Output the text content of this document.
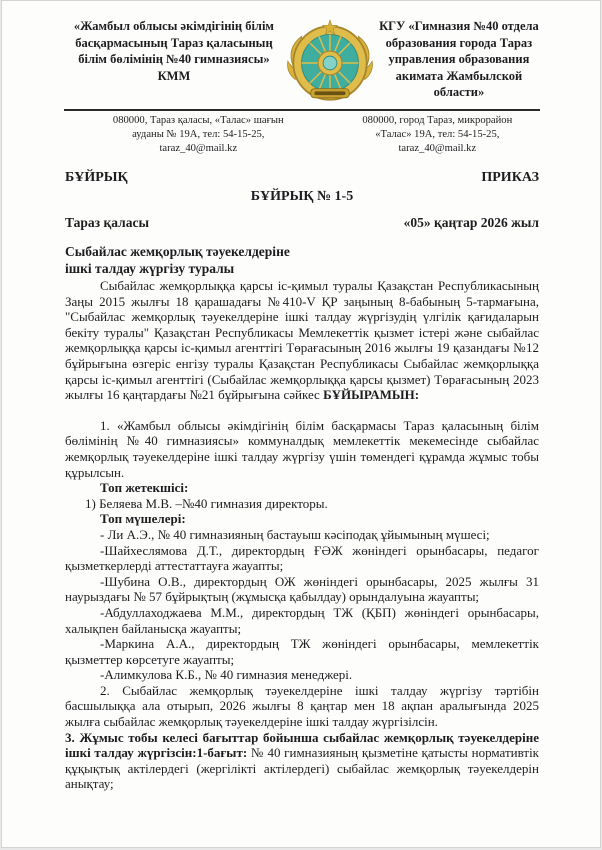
«Жамбыл облысы әкімдігінің білім басқармасының Тараз қаласының білім бөлімінің №40 гимназиясы» КММ
КГУ «Гимназия №40 отдела образования города Тараз управления образования акимата Жамбылской области»
080000, Тараз қаласы, «Талас» шағын
ауданы № 19А, тел: 54-15-25,
taraz_40@mail.kz
080000, город Тараз, микрорайон
«Талас» 19А, тел: 54-15-25,
taraz_40@mail.kz
БҰЙРЫҚ	ПРИКАЗ
БҰЙРЫҚ № 1-5
Тараз қаласы	«05» қаңтар 2026 жыл
Сыбайлас жемқорлық тәуекелдеріне
ішкі талдау жүргізу туралы

Сыбайлас жемқорлыққа қарсы іс-қимыл туралы Қазақстан Республикасының Заңы 2015 жылғы 18 қарашадағы №410-V ҚР заңының 8-бабының 5-тармағына, "Сыбайлас жемқорлық тәуекелдеріне ішкі талдау жүргізудің үлгілік қағидаларын бекіту туралы" Қазақстан Республикасы Мемлекеттік қызмет істері және сыбайлас жемқорлыққа қарсы іс-қимыл агенттігі Төрағасының 2016 жылғы 19 қазандағы №12 бұйрығына өзгеріс енгізу туралы Қазақстан Республикасы Сыбайлас жемқорлыққа қарсы іс-қимыл агенттігі (Сыбайлас жемқорлыққа қарсы қызмет) Төрағасының 2023 жылғы 16 қаңтардағы №21 бұйрығына сәйкес БҰЙЫРАМЫН:

1. «Жамбыл облысы әкімдігінің білім басқармасы Тараз қаласының білім бөлімінің №40 гимназиясы» коммуналдық мемлекеттік мекемесінде сыбайлас жемқорлық тәуекелдеріне ішкі талдау жүргізу үшін төмендегі құрамда жұмыс тобы құрылсын.

Топ жетекшісі:

1) Беляева М.В. –№40 гимназия директоры.

Топ мүшелері:

- Ли А.Э., № 40 гимназияның бастауыш кәсіподақ ұйымының мүшесі;

-Шайхеслямова Д.Т., директордың ҒӘЖ жөніндегі орынбасары, педагог қызметкерлерді аттестаттауға жауапты;

-Шубина О.В., директордың ОЖ жөніндегі орынбасары, 2025 жылғы 31 наурыздағы № 57 бұйрықтың (жұмысқа қабылдау) орындалуына жауапты;

-Абдуллаходжаева М.М., директордың ТЖ (ҚБП) жөніндегі орынбасары, халықпен байланысқа жауапты;

-Маркина А.А., директордың ТЖ жөніндегі орынбасары, мемлекеттік қызметтер көрсетуге жауапты;

-Алимкулова К.Б., № 40 гимназия менеджері.

2. Сыбайлас жемқорлық тәуекелдеріне ішкі талдау жүргізу тәртібін басшылыққа ала отырып, 2026 жылғы 8 қаңтар мен 18 ақпан аралығында 2025 жылға сыбайлас жемқорлық тәуекелдеріне ішкі талдау жүргізілсін.

3. Жұмыс тобы келесі бағыттар бойынша сыбайлас жемқорлық тәуекелдеріне ішкі талдау жүргізсін:1-бағыт: № 40 гимназияның қызметіне қатысты нормативтік құқықтық актілердегі (жергілікті актілердегі) сыбайлас жемқорлық тәуекелдерін анықтау;
